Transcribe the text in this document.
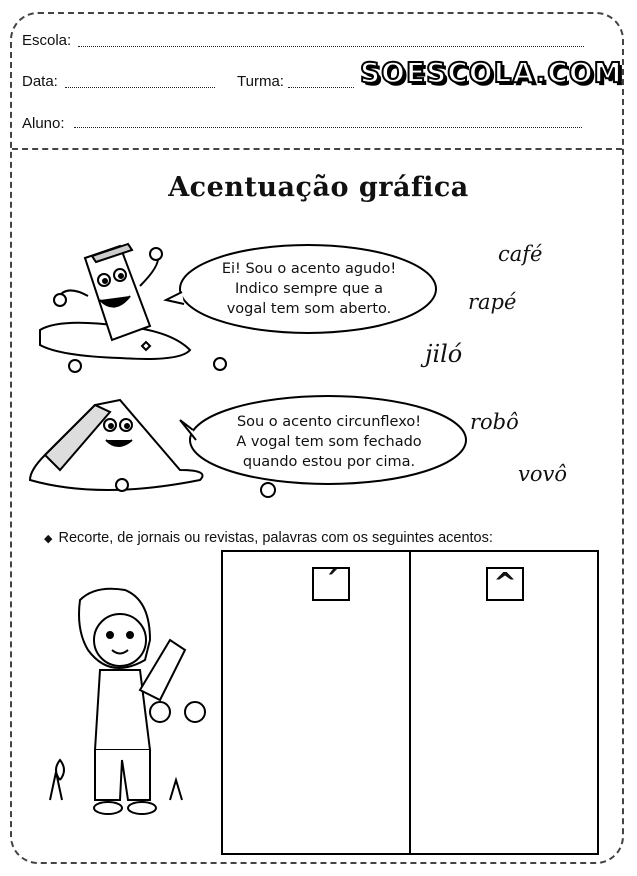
Escola:
Data:	Turma:	SOESCOLA.COM
Aluno:
Acentuação gráfica
Ei! Sou o acento agudo!
Indico sempre que a
vogal tem som aberto.
Sou o acento circunflexo!
A vogal tem som fechado
quando estou por cima.
café
rapé
jiló
robô
vovô
◆ Recorte, de jornais ou revistas, palavras com os seguintes acentos:
´	^
